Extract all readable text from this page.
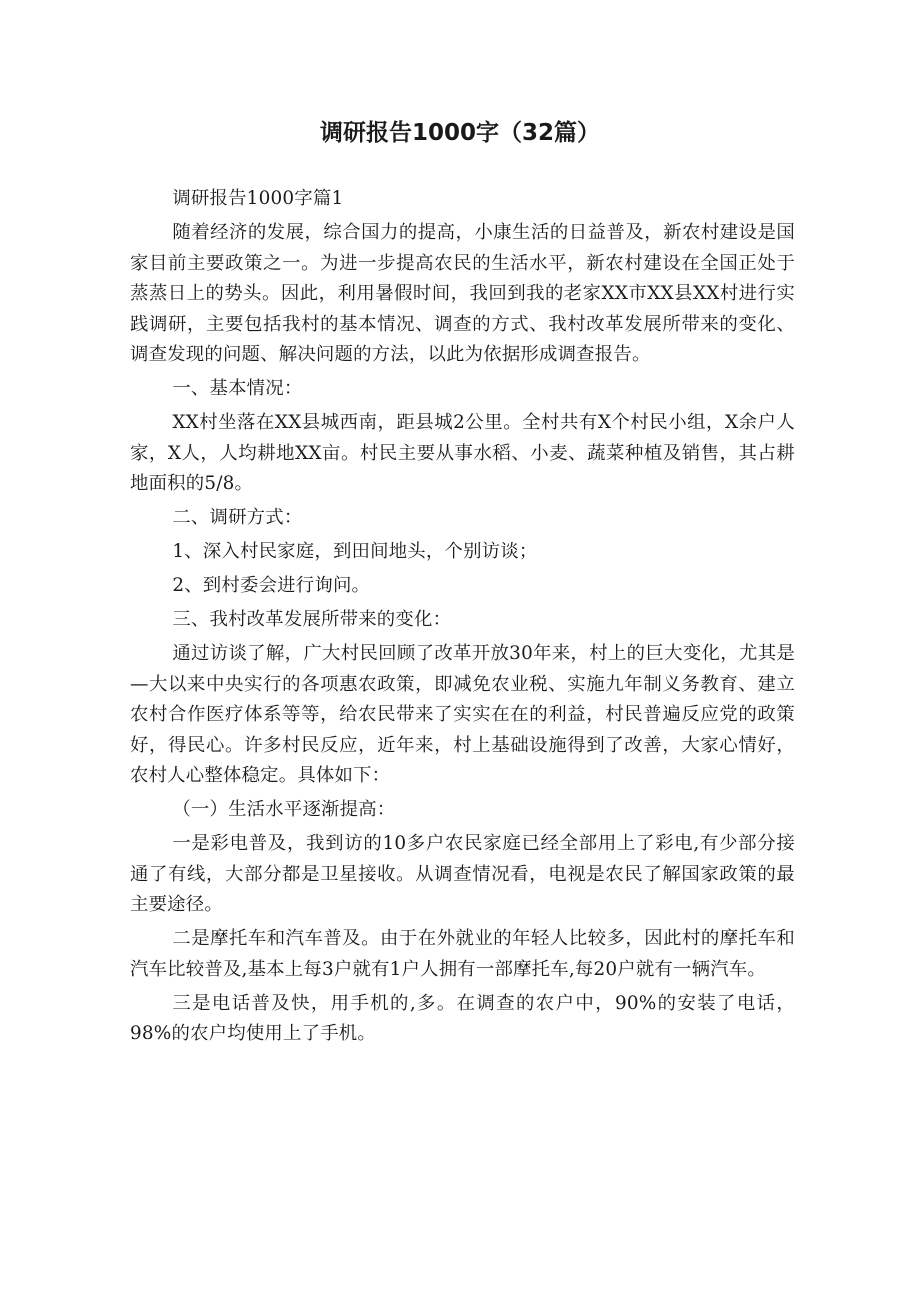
调研报告1000字（32篇）

调研报告1000字篇1

随着经济的发展，综合国力的提高，小康生活的日益普及，新农村建设是国家目前主要政策之一。为进一步提高农民的生活水平，新农村建设在全国正处于蒸蒸日上的势头。因此，利用暑假时间，我回到我的老家XX市XX县XX村进行实践调研，主要包括我村的基本情况、调查的方式、我村改革发展所带来的变化、调查发现的问题、解决问题的方法，以此为依据形成调查报告。

一、基本情况：

XX村坐落在XX县城西南，距县城2公里。全村共有X个村民小组，X余户人家，X人，人均耕地XX亩。村民主要从事水稻、小麦、蔬菜种植及销售，其占耕地面积的5/8。

二、调研方式：

1、深入村民家庭，到田间地头，个别访谈；

2、到村委会进行询问。

三、我村改革发展所带来的变化：

通过访谈了解，广大村民回顾了改革开放30年来，村上的巨大变化，尤其是—大以来中央实行的各项惠农政策，即减免农业税、实施九年制义务教育、建立农村合作医疗体系等等，给农民带来了实实在在的利益，村民普遍反应党的政策好，得民心。许多村民反应，近年来，村上基础设施得到了改善，大家心情好，农村人心整体稳定。具体如下：

（一）生活水平逐渐提高：

一是彩电普及，我到访的10多户农民家庭已经全部用上了彩电,有少部分接通了有线，大部分都是卫星接收。从调查情况看，电视是农民了解国家政策的最主要途径。

二是摩托车和汽车普及。由于在外就业的年轻人比较多，因此村的摩托车和汽车比较普及,基本上每3户就有1户人拥有一部摩托车,每20户就有一辆汽车。

三是电话普及快，用手机的,多。在调查的农户中，90%的安装了电话，98%的农户均使用上了手机。
